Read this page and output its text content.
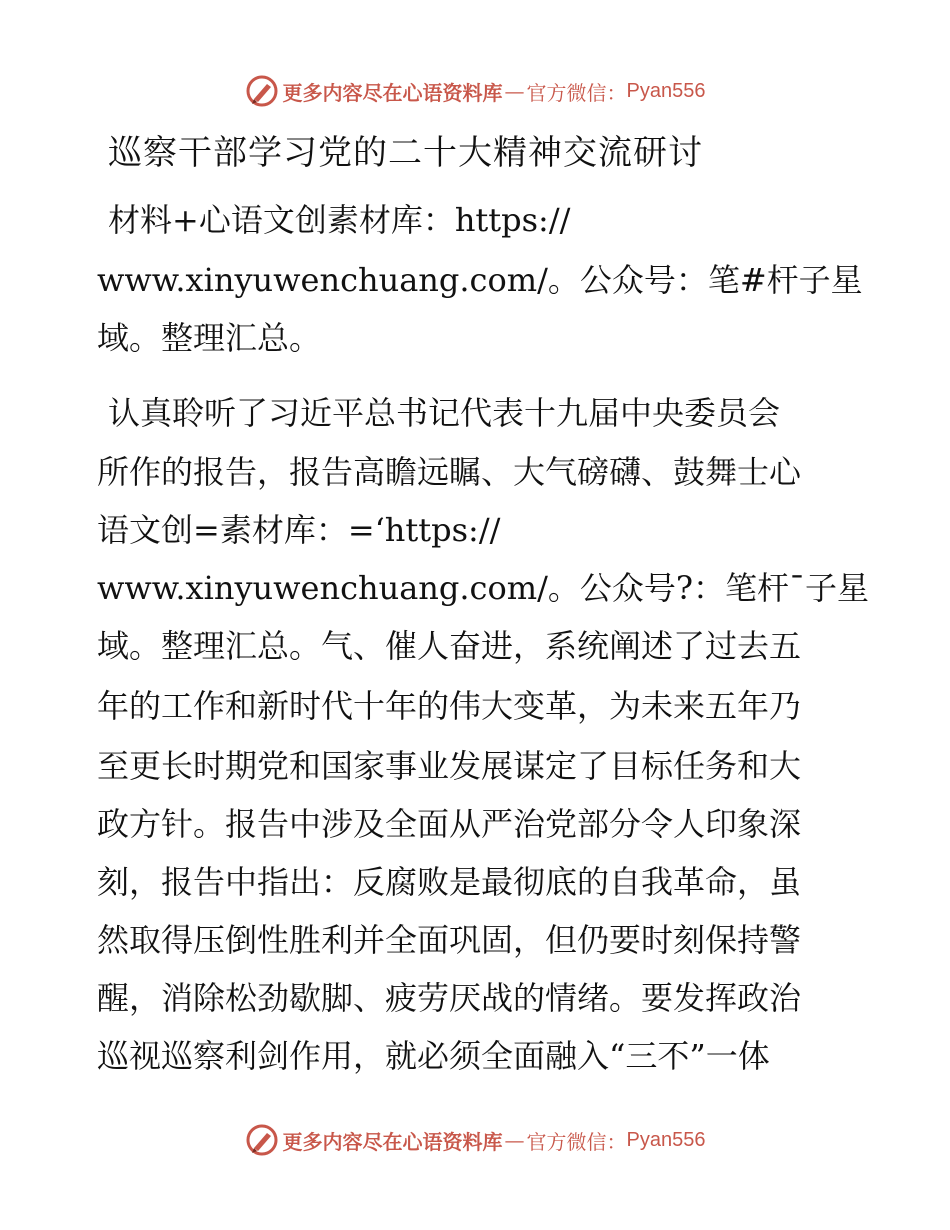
更多内容尽在心语资料库 — 官方微信： Pyan556
巡察干部学习党的二十大精神交流研讨
材料+心语文创素材库：https://
www.xinyuwenchuang.com/。公众号：笔#杆子星
域。整理汇总。
认真聆听了习近平总书记代表十九届中央委员会
所作的报告，报告高瞻远瞩、大气磅礴、鼓舞士心
语文创=素材库：=‘https://
www.xinyuwenchuang.com/。公众号?：笔杆¯子星
域。整理汇总。气、催人奋进，系统阐述了过去五
年的工作和新时代十年的伟大变革，为未来五年乃
至更长时期党和国家事业发展谋定了目标任务和大
政方针。报告中涉及全面从严治党部分令人印象深
刻，报告中指出：反腐败是最彻底的自我革命，虽
然取得压倒性胜利并全面巩固，但仍要时刻保持警
醒，消除松劲歇脚、疲劳厌战的情绪。要发挥政治
巡视巡察利剑作用，就必须全面融入“三不”一体
更多内容尽在心语资料库 — 官方微信： Pyan556
